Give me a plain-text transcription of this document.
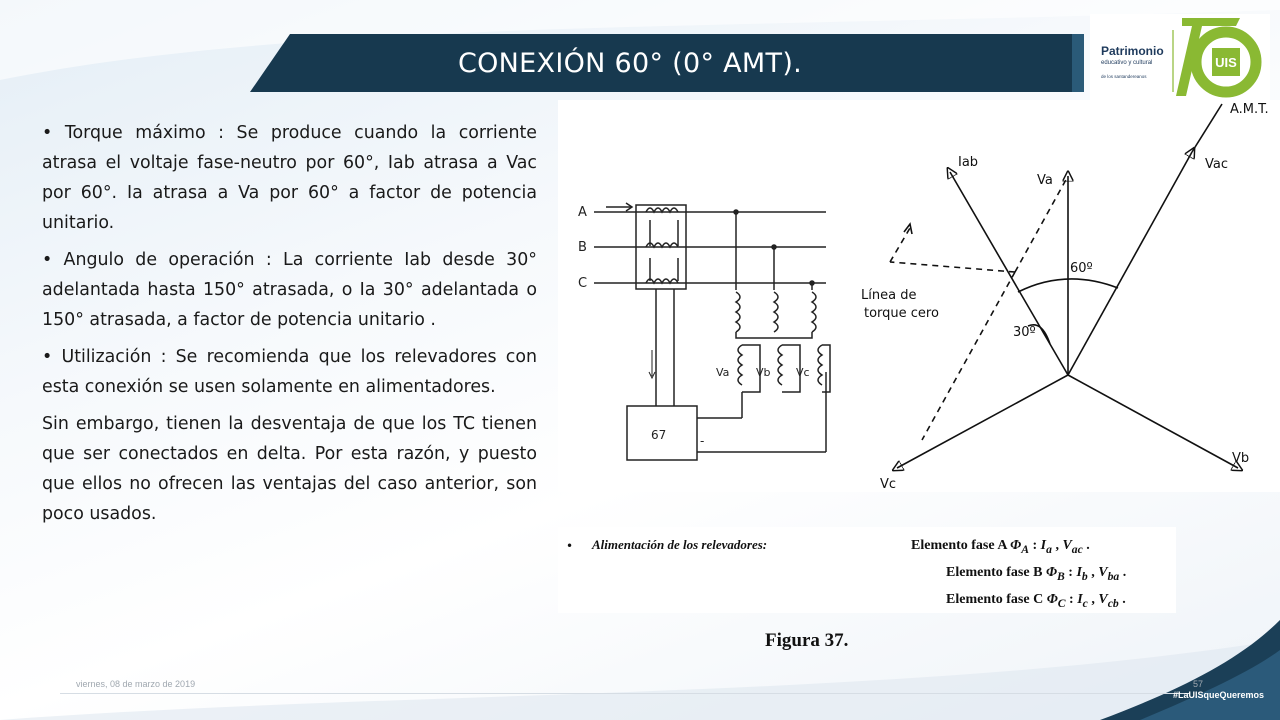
CONEXIÓN 60° (0° AMT).	UIS años
Patrimonio
educativo y cultural
de los santandereanos

• Torque máximo : Se produce cuando la corriente atrasa el voltaje fase-neutro por 60°, Iab atrasa a Vac por 60°. Ia atrasa a Va por 60° a factor de potencia unitario.

• Angulo de operación : La corriente Iab desde 30° adelantada hasta 150° atrasada, o Ia 30° adelantada o 150° atrasada, a factor de potencia unitario .

• Utilización : Se recomienda que los relevadores con esta conexión se usen solamente en alimentadores.

Sin embargo, tienen la desventaja de que los TC tienen que ser conectados en delta. Por esta razón, y puesto que ellos no ofrecen las ventajas del caso anterior, son poco usados.

A
B
C
67	-
Va Vb Vc
A.M.T.
Iab
Va
Vac
Vb
Vc
60º
30º
Línea de
torque cero
• Alimentación de los relevadores:	Elemento fase A $\Phi_A$ : $I_a$ , $V_{ac}$ .
Elemento fase B $\Phi_B$ : $I_b$ , $V_{ba}$ .
Elemento fase C $\Phi_C$ : $I_c$ , $V_{cb}$ .
Figura 37.
viernes, 08 de marzo de 2019	57
#LaUISqueQueremos
